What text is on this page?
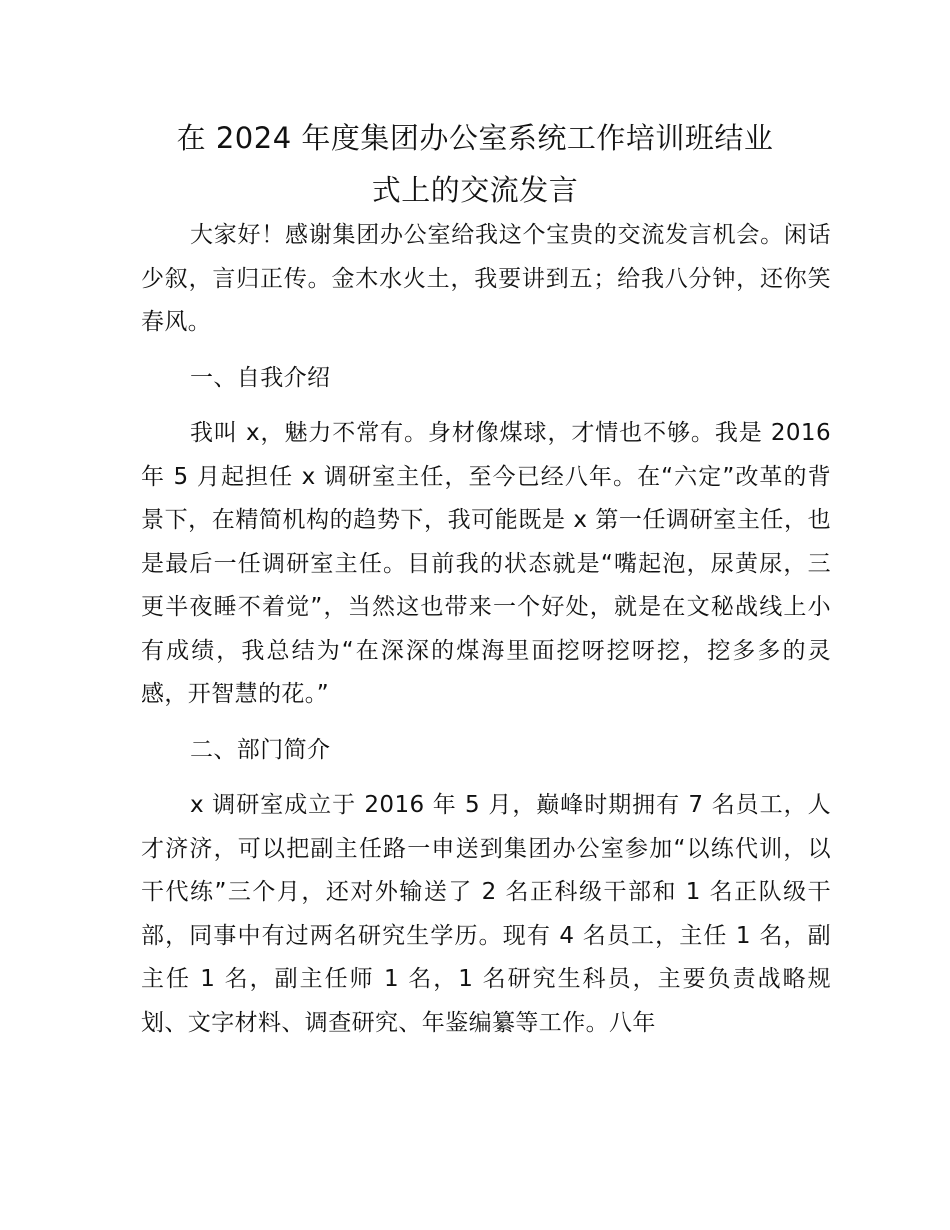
在 2024 年度集团办公室系统工作培训班结业
式上的交流发言

大家好！感谢集团办公室给我这个宝贵的交流发言机会。闲话少叙，言归正传。金木水火土，我要讲到五；给我八分钟，还你笑春风。

一、自我介绍

我叫 x，魅力不常有。身材像煤球，才情也不够。我是 2016 年 5 月起担任 x 调研室主任，至今已经八年。在“六定”改革的背景下，在精简机构的趋势下，我可能既是 x 第一任调研室主任，也是最后一任调研室主任。目前我的状态就是“嘴起泡，尿黄尿，三更半夜睡不着觉”，当然这也带来一个好处，就是在文秘战线上小有成绩，我总结为“在深深的煤海里面挖呀挖呀挖，挖多多的灵感，开智慧的花。”

二、部门简介

x 调研室成立于 2016 年 5 月，巅峰时期拥有 7 名员工，人才济济，可以把副主任路一申送到集团办公室参加“以练代训，以干代练”三个月，还对外输送了 2 名正科级干部和 1 名正队级干部，同事中有过两名研究生学历。现有 4 名员工，主任 1 名，副主任 1 名，副主任师 1 名，1 名研究生科员，主要负责战略规划、文字材料、调查研究、年鉴编纂等工作。八年
